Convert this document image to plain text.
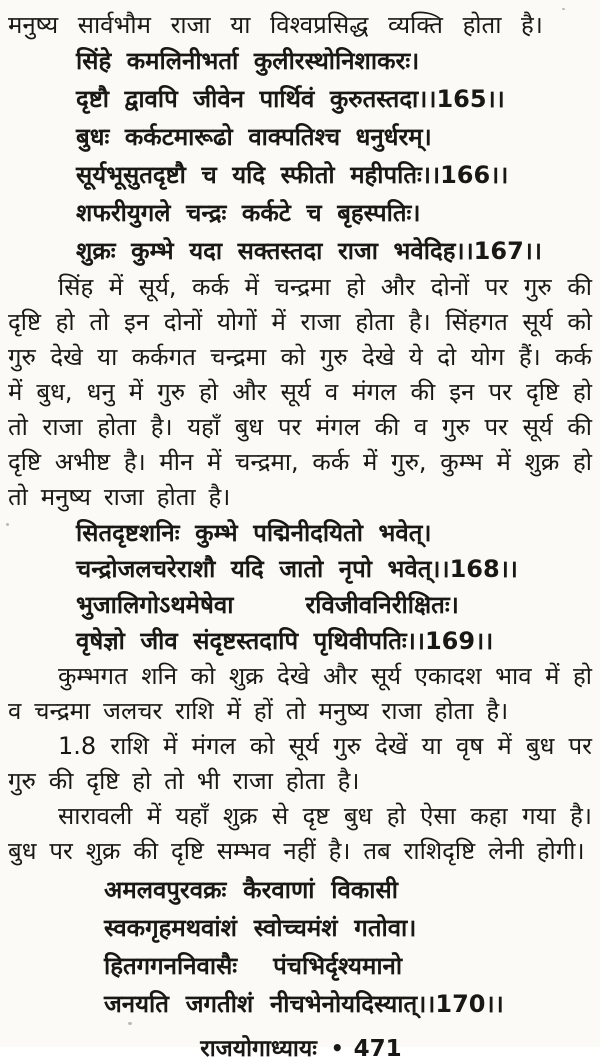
मनुष्य सार्वभौम राजा या विश्वप्रसिद्ध व्यक्ति होता है।
सिंहे कमलिनीभर्ता कुलीरस्थोनिशाकरः।
दृष्टौ द्वावपि जीवेन पार्थिवं कुरुतस्तदा।।165।।
बुधः कर्कटमारूढो वाक्पतिश्च धनुर्धरम्।
सूर्यभूसुतदृष्टौ च यदि स्फीतो महीपतिः।।166।।
शफरीयुगले चन्द्रः कर्कटे च बृहस्पतिः।
शुक्रः कुम्भे यदा सक्तस्तदा राजा भवेदिह।।167।।
सिंह में सूर्य, कर्क में चन्द्रमा हो और दोनों पर गुरु की
दृष्टि हो तो इन दोनों योगों में राजा होता है। सिंहगत सूर्य को
गुरु देखे या कर्कगत चन्द्रमा को गुरु देखे ये दो योग हैं। कर्क
में बुध, धनु में गुरु हो और सूर्य व मंगल की इन पर दृष्टि हो
तो राजा होता है। यहाँ बुध पर मंगल की व गुरु पर सूर्य की
दृष्टि अभीष्ट है। मीन में चन्द्रमा, कर्क में गुरु, कुम्भ में शुक्र हो
तो मनुष्य राजा होता है।
सितदृष्टशनिः कुम्भे पद्मिनीदयितो भवेत्।
चन्द्रोजलचरेराशौ यदि जातो नृपो भवेत्।।168।।
भुजालिगोऽथमेषेवा   रविजीवनिरीक्षितः।
वृषेज्ञो जीव संदृष्टस्तदापि पृथिवीपतिः।।169।।
कुम्भगत शनि को शुक्र देखे और सूर्य एकादश भाव में हो
व चन्द्रमा जलचर राशि में हों तो मनुष्य राजा होता है।
1.8 राशि में मंगल को सूर्य गुरु देखें या वृष में बुध पर
गुरु की दृष्टि हो तो भी राजा होता है।
सारावली में यहाँ शुक्र से दृष्ट बुध हो ऐसा कहा गया है।
बुध पर शुक्र की दृष्टि सम्भव नहीं है। तब राशिदृष्टि लेनी होगी।
अमलवपुरवक्रः कैरवाणां विकासी
स्वकगृहमथवांशं स्वोच्चमंशं गतोवा।
हितगगननिवासैः  पंचभिर्दृश्यमानो
जनयति जगतीशं नीचभेनोयदिस्यात्।।170।।
राजयोगाध्यायः • 471
